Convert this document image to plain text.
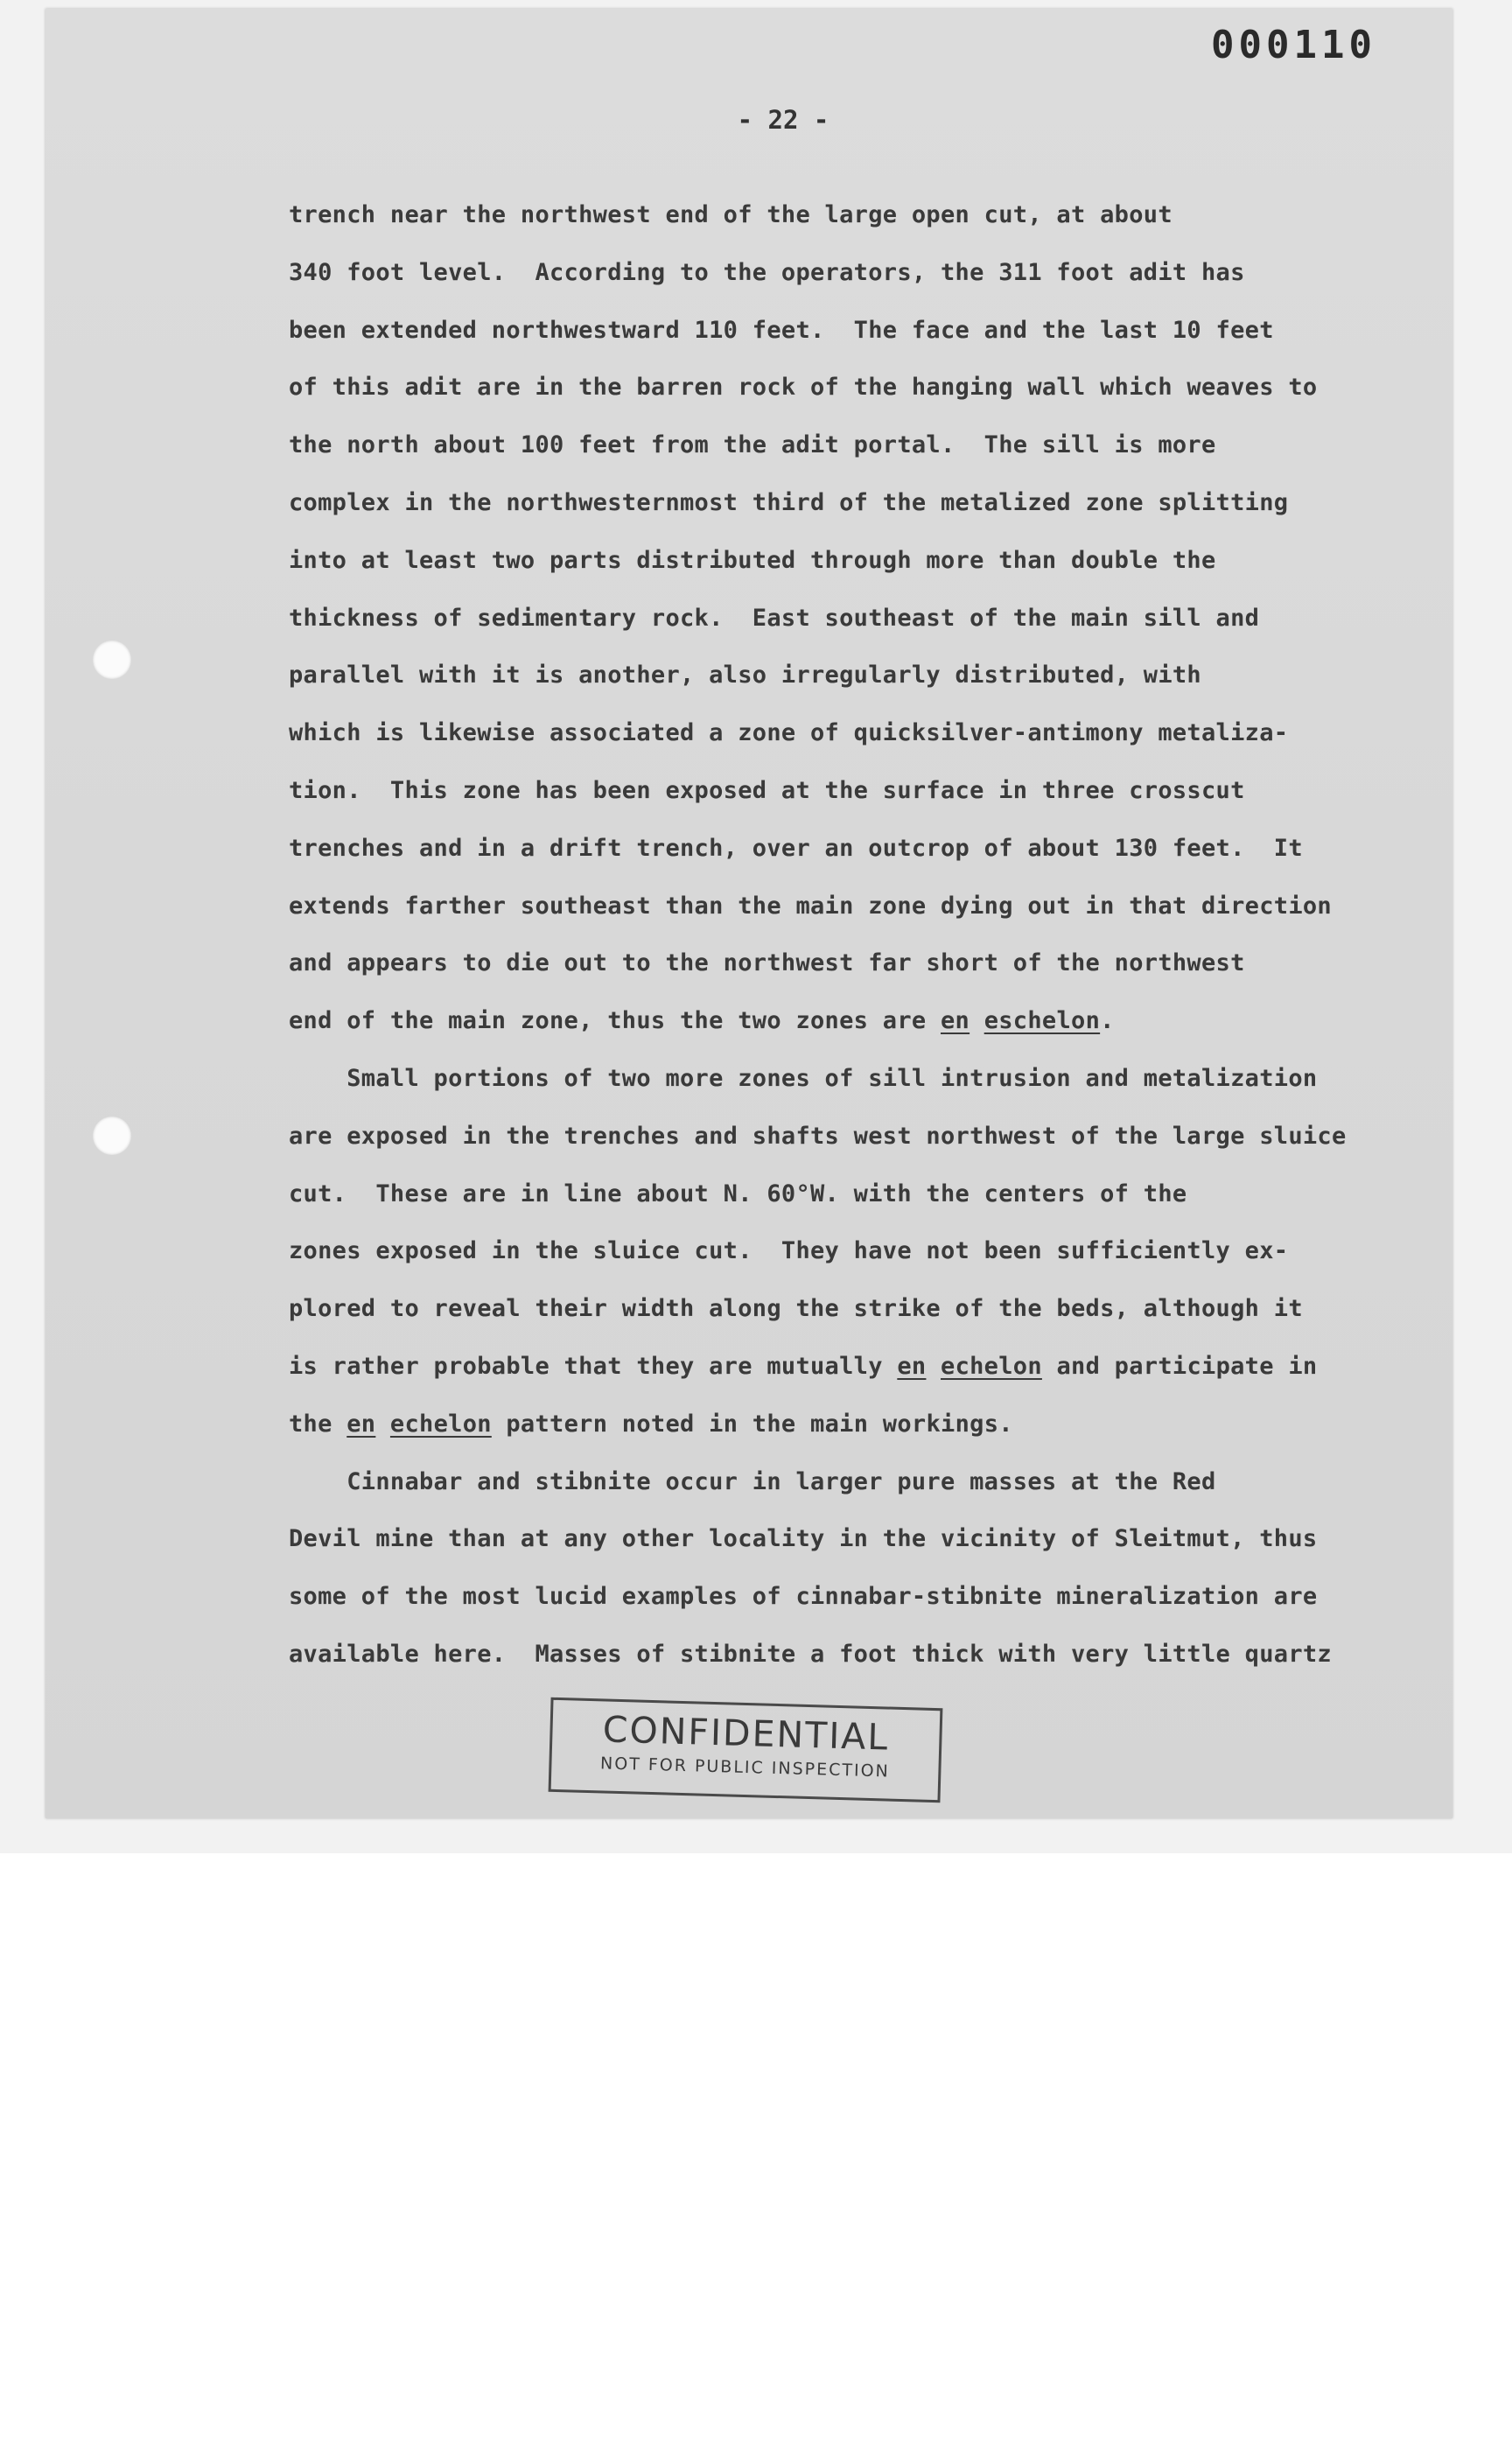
000110
- 22 -
trench near the northwest end of the large open cut, at about
340 foot level.  According to the operators, the 311 foot adit has
been extended northwestward 110 feet.  The face and the last 10 feet
of this adit are in the barren rock of the hanging wall which weaves to
the north about 100 feet from the adit portal.  The sill is more
complex in the northwesternmost third of the metalized zone splitting
into at least two parts distributed through more than double the
thickness of sedimentary rock.  East southeast of the main sill and
parallel with it is another, also irregularly distributed, with
which is likewise associated a zone of quicksilver-antimony metaliza-
tion.  This zone has been exposed at the surface in three crosscut
trenches and in a drift trench, over an outcrop of about 130 feet.  It
extends farther southeast than the main zone dying out in that direction
and appears to die out to the northwest far short of the northwest
end of the main zone, thus the two zones are en eschelon.
Small portions of two more zones of sill intrusion and metalization
are exposed in the trenches and shafts west northwest of the large sluice
cut.  These are in line about N. 60°W. with the centers of the
zones exposed in the sluice cut.  They have not been sufficiently ex-
plored to reveal their width along the strike of the beds, although it
is rather probable that they are mutually en echelon and participate in
the en echelon pattern noted in the main workings.
Cinnabar and stibnite occur in larger pure masses at the Red
Devil mine than at any other locality in the vicinity of Sleitmut, thus
some of the most lucid examples of cinnabar-stibnite mineralization are
available here.  Masses of stibnite a foot thick with very little quartz
CONFIDENTIAL
NOT FOR PUBLIC INSPECTION
